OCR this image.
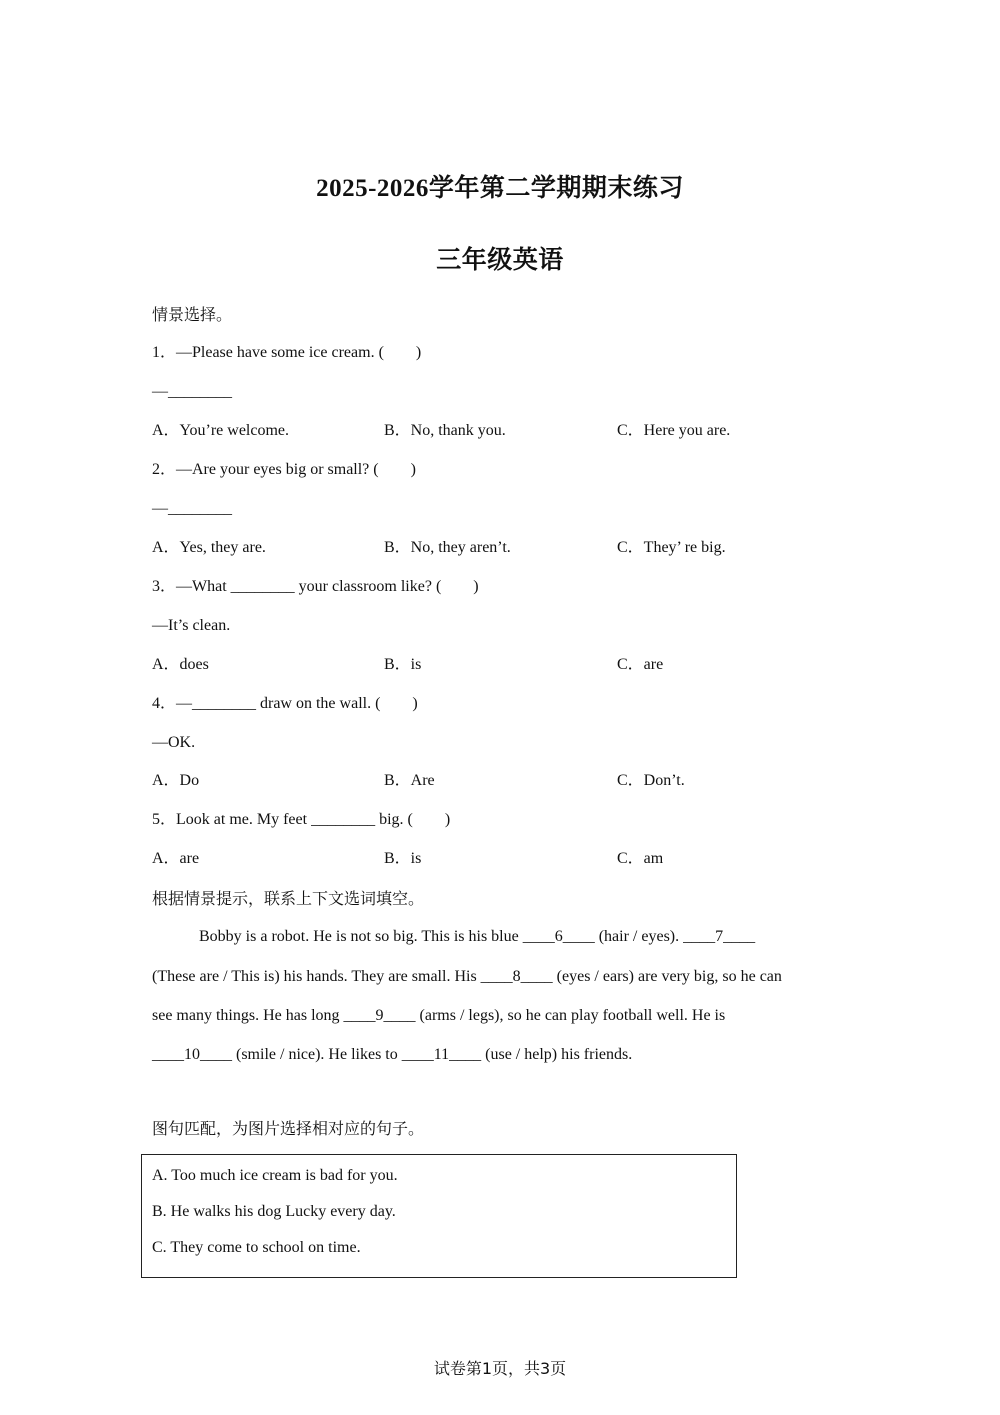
2025-2026学年第二学期期末练习
三年级英语
情景选择。
1．—Please have some ice cream. (　　)
—________
A．You’re welcome.	B．No, thank you.	C．Here you are.
2．—Are your eyes big or small? (　　)
—________
A．Yes, they are.	B．No, they aren’t.	C．They’ re big.
3．—What ________ your classroom like? (　　)
—It’s clean.
A．does	B．is	C．are
4．—________ draw on the wall. (　　)
—OK.
A．Do	B．Are	C．Don’t.
5．Look at me. My feet ________ big. (　　)
A．are	B．is	C．am
根据情景提示，联系上下文选词填空。
Bobby is a robot. He is not so big. This is his blue ____6____ (hair / eyes). ____7____
(These are / This is) his hands. They are small. His ____8____ (eyes / ears) are very big, so he can
see many things. He has long ____9____ (arms / legs), so he can play football well. He is
____10____ (smile / nice). He likes to ____11____ (use / help) his friends.
图句匹配，为图片选择相对应的句子。
A. Too much ice cream is bad for you.
B. He walks his dog Lucky every day.
C. They come to school on time.
试卷第1页，共3页
